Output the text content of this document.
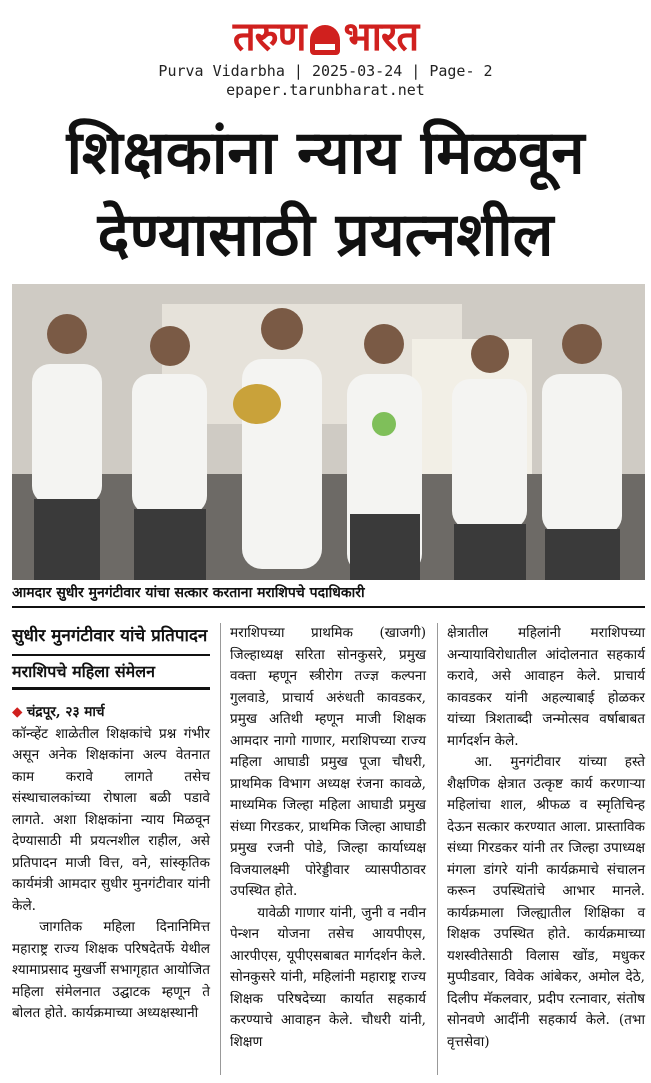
तरुण भारत
Purva Vidarbha | 2025-03-24 | Page- 2
epaper.tarunbharat.net
शिक्षकांना न्याय मिळवून
देण्यासाठी प्रयत्नशील
आमदार सुधीर मुनगंटीवार यांचा सत्कार करताना मराशिपचे पदाधिकारी
सुधीर मुनगंटीवार यांचे प्रतिपादन
मराशिपचे महिला संमेलन

◆ चंद्रपूर, २३ मार्च
कॉन्व्हेंट शाळेतील शिक्षकांचे प्रश्न गंभीर असून अनेक शिक्षकांना अल्प वेतनात काम करावे लागते तसेच संस्थाचालकांच्या रोषाला बळी पडावे लागते. अशा शिक्षकांना न्याय मिळवून देण्यासाठी मी प्रयत्नशील राहील, असे प्रतिपादन माजी वित्त, वने, सांस्कृतिक कार्यमंत्री आमदार सुधीर मुनगंटीवार यांनी केले.

जागतिक महिला दिनानिमित्त महाराष्ट्र राज्य शिक्षक परिषदेतर्फे येथील श्यामाप्रसाद मुखर्जी सभागृहात आयोजित महिला संमेलनात उद्घाटक म्हणून ते बोलत होते. कार्यक्रमाच्या अध्यक्षस्थानी

मराशिपच्या प्राथमिक (खाजगी) जिल्हाध्यक्ष सरिता सोनकुसरे, प्रमुख वक्ता म्हणून स्त्रीरोग तज्ज्ञ कल्पना गुलवाडे, प्राचार्य अरुंधती कावडकर, प्रमुख अतिथी म्हणून माजी शिक्षक आमदार नागो गाणार, मराशिपच्या राज्य महिला आघाडी प्रमुख पूजा चौधरी, प्राथमिक विभाग अध्यक्ष रंजना कावळे, माध्यमिक जिल्हा महिला आघाडी प्रमुख संध्या गिरडकर, प्राथमिक जिल्हा आघाडी प्रमुख रजनी पोडे, जिल्हा कार्याध्यक्ष विजयालक्ष्मी पोरेड्डीवार व्यासपीठावर उपस्थित होते.

यावेळी गाणार यांनी, जुनी व नवीन पेन्शन योजना तसेच आयपीएस, आरपीएस, यूपीएसबाबत मार्गदर्शन केले. सोनकुसरे यांनी, महिलांनी महाराष्ट्र राज्य शिक्षक परिषदेच्या कार्यात सहकार्य करण्याचे आवाहन केले. चौधरी यांनी, शिक्षण

क्षेत्रातील महिलांनी मराशिपच्या अन्यायाविरोधातील आंदोलनात सहकार्य करावे, असे आवाहन केले. प्राचार्य कावडकर यांनी अहल्याबाई होळकर यांच्या त्रिशताब्दी जन्मोत्सव वर्षाबाबत मार्गदर्शन केले.

आ. मुनगंटीवार यांच्या हस्ते शैक्षणिक क्षेत्रात उत्कृष्ट कार्य करणाऱ्या महिलांचा शाल, श्रीफळ व स्मृतिचिन्ह देऊन सत्कार करण्यात आला. प्रास्ताविक संध्या गिरडकर यांनी तर जिल्हा उपाध्यक्ष मंगला डांगरे यांनी कार्यक्रमाचे संचालन करून उपस्थितांचे आभार मानले. कार्यक्रमाला जिल्ह्यातील शिक्षिका व शिक्षक उपस्थित होते. कार्यक्रमाच्या यशस्वीतेसाठी विलास खोंड, मधुकर मुप्पीडवार, विवेक आंबेकर, अमोल देठे, दिलीप मॅकलवार, प्रदीप रत्नावार, संतोष सोनवणे आदींनी सहकार्य केले. (तभा वृत्तसेवा)
